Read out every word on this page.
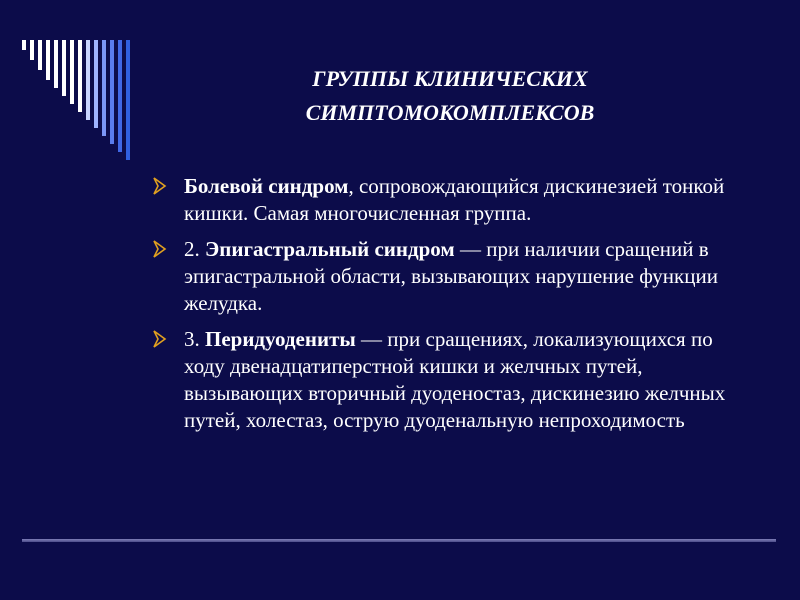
ГРУППЫ КЛИНИЧЕСКИХ
СИМПТОМОКОМПЛЕКСОВ
Болевой синдром, сопровождающийся дискинезией тонкой кишки. Самая многочисленная группа.
2. Эпигастральный синдром — при наличии сращений в эпигастральной области, вызывающих нарушение функции желудка.
3. Перидуодениты — при сращениях, локализующихся по ходу двенадцатиперстной кишки и желчных путей, вызывающих вторичный дуоденостаз, дискинезию желчных путей, холестаз, острую дуоденальную непроходимость
